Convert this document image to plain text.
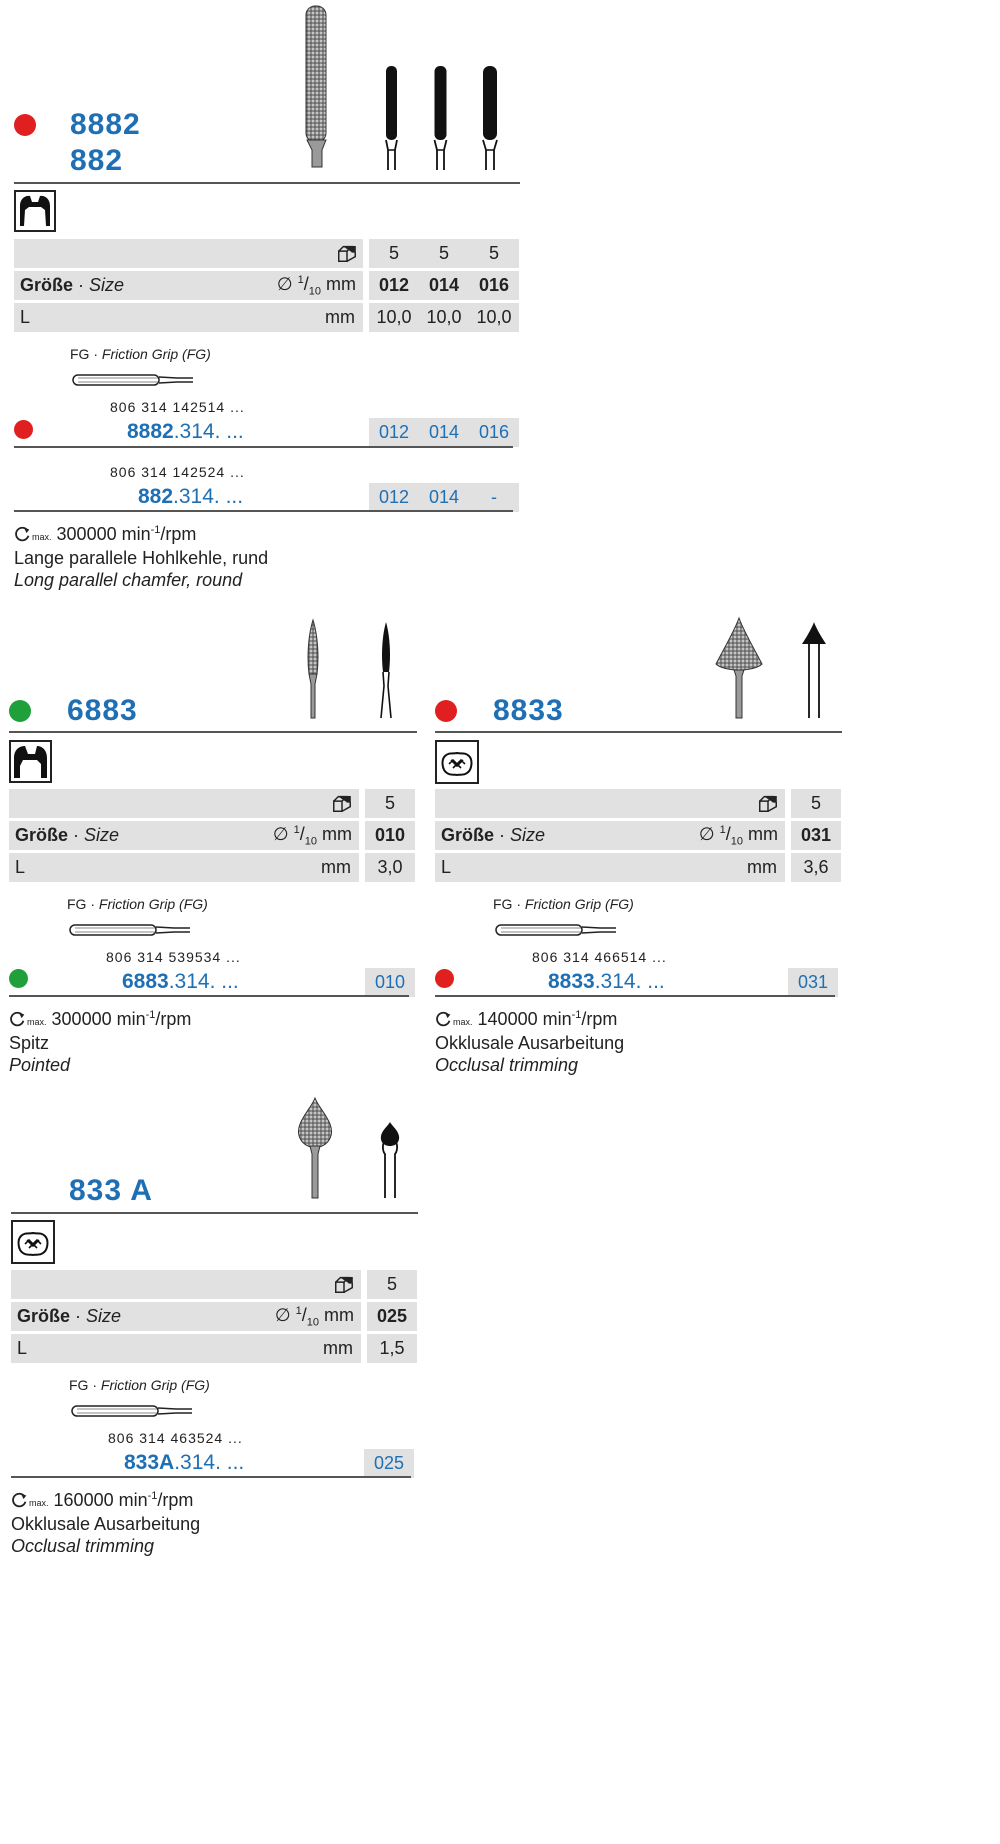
8882
882
5	5	5
Größe · Size	∅ $^1/_{10}$ mm	012	014	016
L	mm	10,0 10,0 10,0
FG · Friction Grip (FG)
806 314 142514 ...
8882.314. ...	012	014	016
806 314 142524 ...
882.314. ...	012	014	-
max. 300000 $\min^{-1}$/rpm
Lange parallele Hohlkehle, rund
Long parallel chamfer, round
6883
5
Größe · Size	∅ $^1/_{10}$ mm	010
L	mm	3,0
FG · Friction Grip (FG)
806 314 539534 ...
6883.314. ...	010
max. 300000 $\min^{-1}$/rpm
Spitz
Pointed
8833
5
Größe · Size	∅ $^1/_{10}$ mm	031
L	mm	3,6
FG · Friction Grip (FG)
806 314 466514 ...
8833.314. ...	031
max. 140000 $\min^{-1}$/rpm
Okklusale Ausarbeitung
Occlusal trimming
833 A
5
Größe · Size	∅ $^1/_{10}$ mm	025
L	mm	1,5
FG · Friction Grip (FG)
806 314 463524 ...
833A.314. ...	025
max. 160000 $\min^{-1}$/rpm
Okklusale Ausarbeitung
Occlusal trimming
